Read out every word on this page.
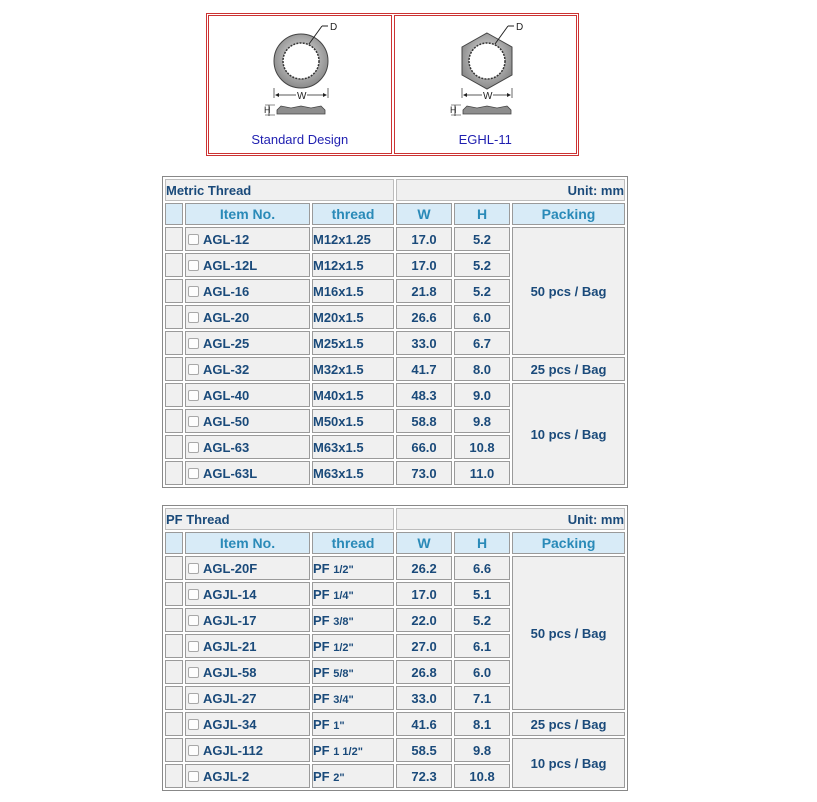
D
W
H
Standard Design
D
W
H
EGHL-11
Metric Thread			Unit: mm		
	Item No.	thread	W	H	Packing
	AGL-12	M12x1.25	17.0	5.2	50 pcs / Bag
	AGL-12L	M12x1.5	17.0	5.2	
	AGL-16	M16x1.5	21.8	5.2	
	AGL-20	M20x1.5	26.6	6.0	
	AGL-25	M25x1.5	33.0	6.7	
	AGL-32	M32x1.5	41.7	8.0	25 pcs / Bag
	AGL-40	M40x1.5	48.3	9.0	10 pcs / Bag
	AGL-50	M50x1.5	58.8	9.8	
	AGL-63	M63x1.5	66.0	10.8	
	AGL-63L	M63x1.5	73.0	11.0	
PF Thread			Unit: mm		
	Item No.	thread	W	H	Packing
	AGL-20F	PF 1/2"	26.2	6.6	50 pcs / Bag
	AGJL-14	PF 1/4"	17.0	5.1	
	AGJL-17	PF 3/8"	22.0	5.2	
	AGJL-21	PF 1/2"	27.0	6.1	
	AGJL-58	PF 5/8"	26.8	6.0	
	AGJL-27	PF 3/4"	33.0	7.1	
	AGJL-34	PF 1"	41.6	8.1	25 pcs / Bag
	AGJL-112	PF 1 1/2"	58.5	9.8	10 pcs / Bag
	AGJL-2	PF 2"	72.3	10.8	
